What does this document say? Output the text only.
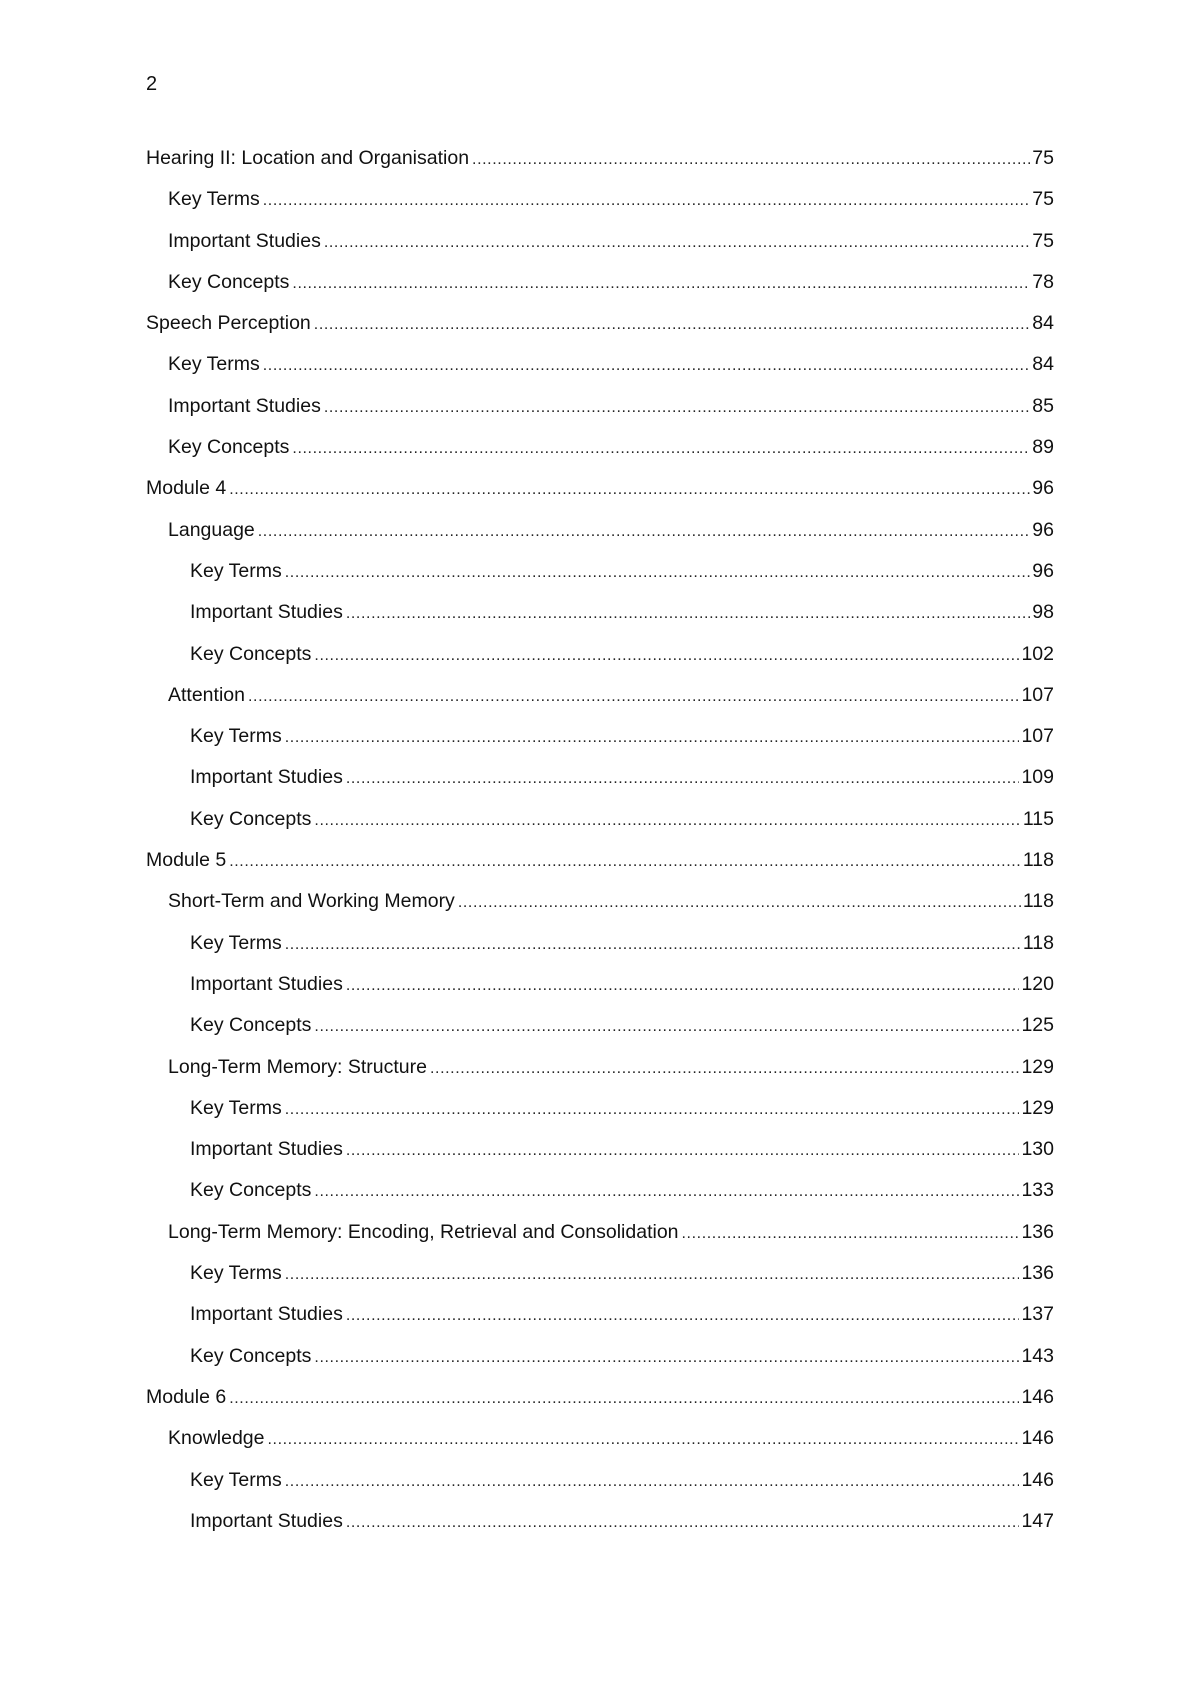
2
Hearing II: Location and Organisation .....	75
Key Terms .....	75
Important Studies .....	75
Key Concepts .....	78
Speech Perception .....	84
Key Terms .....	84
Important Studies .....	85
Key Concepts .....	89
Module 4 .....	96
Language .....	96
Key Terms .....	96
Important Studies .....	98
Key Concepts .....	102
Attention .....	107
Key Terms .....	107
Important Studies .....	109
Key Concepts .....	115
Module 5 .....	118
Short-Term and Working Memory .....	118
Key Terms .....	118
Important Studies .....	120
Key Concepts .....	125
Long-Term Memory: Structure .....	129
Key Terms .....	129
Important Studies .....	130
Key Concepts .....	133
Long-Term Memory: Encoding, Retrieval and Consolidation .....	136
Key Terms .....	136
Important Studies .....	137
Key Concepts .....	143
Module 6 .....	146
Knowledge .....	146
Key Terms .....	146
Important Studies .....	147
